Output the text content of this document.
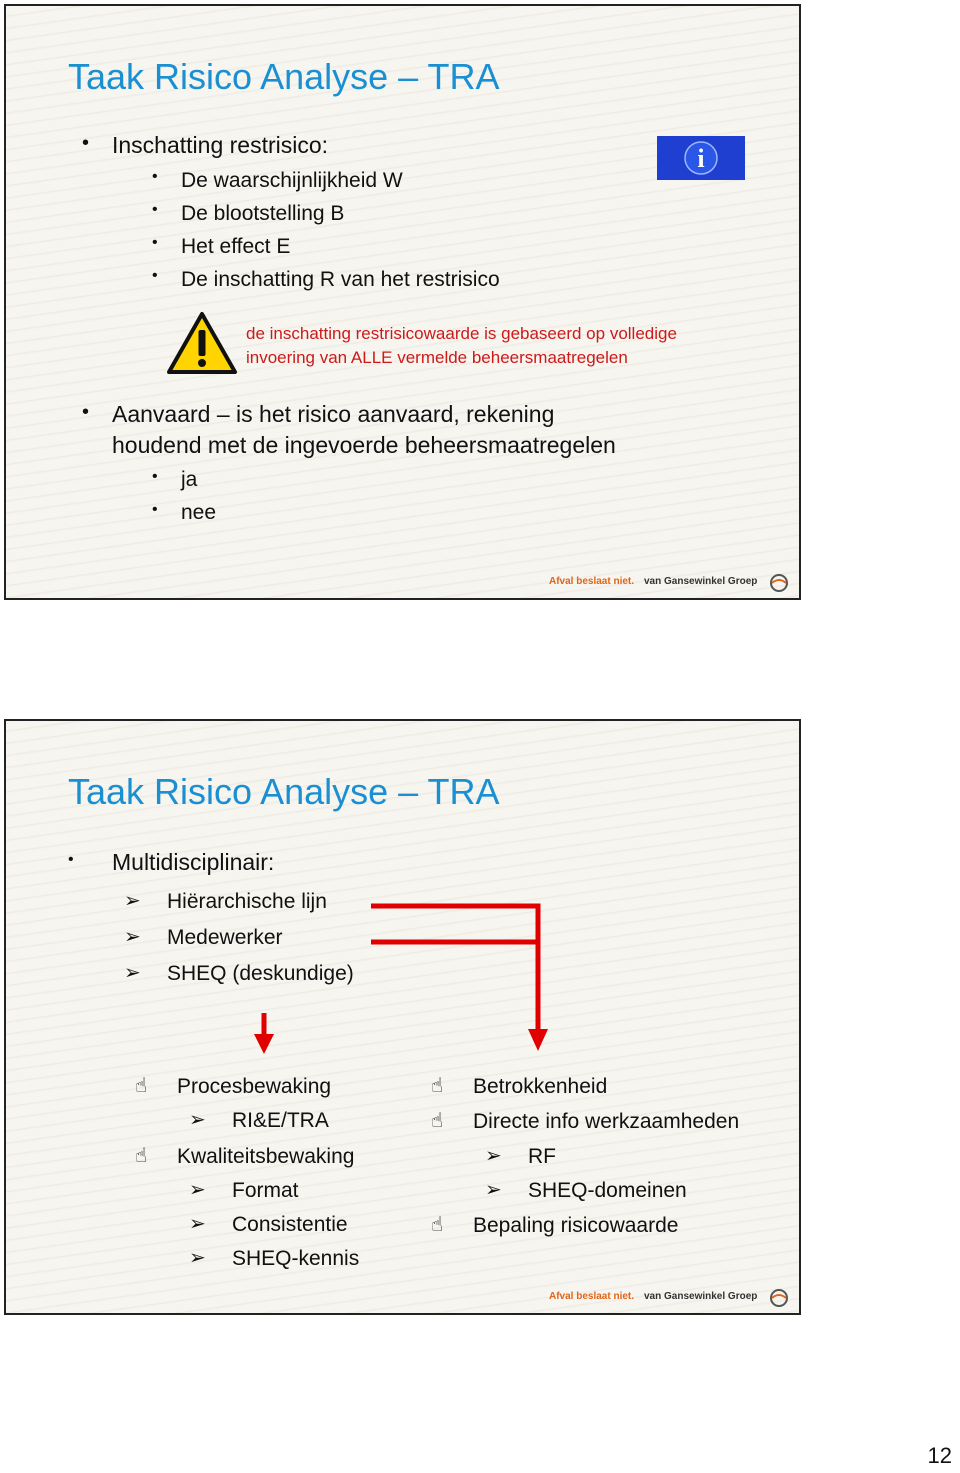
Taak Risico Analyse – TRA
• Inschatting restrisico:
• De waarschijnlijkheid W
• De blootstelling B
• Het effect E
• De inschatting R van het restrisico
i
de inschatting restrisicowaarde is gebaseerd op volledige
invoering van ALLE vermelde beheersmaatregelen
• Aanvaard – is het risico aanvaard, rekening
houdend met de ingevoerde beheersmaatregelen
• ja
• nee
Afval beslaat niet. van Gansewinkel Groep
Taak Risico Analyse – TRA
• Multidisciplinair:
➢ Hiërarchische lijn
➢ Medewerker
➢ SHEQ (deskundige)
☝ Procesbewaking
➢ RI&E/TRA
☝ Kwaliteitsbewaking
➢ Format
➢ Consistentie
➢ SHEQ-kennis
☝ Betrokkenheid
☝ Directe info werkzaamheden
➢ RF
➢ SHEQ-domeinen
☝ Bepaling risicowaarde
Afval beslaat niet. van Gansewinkel Groep
12
